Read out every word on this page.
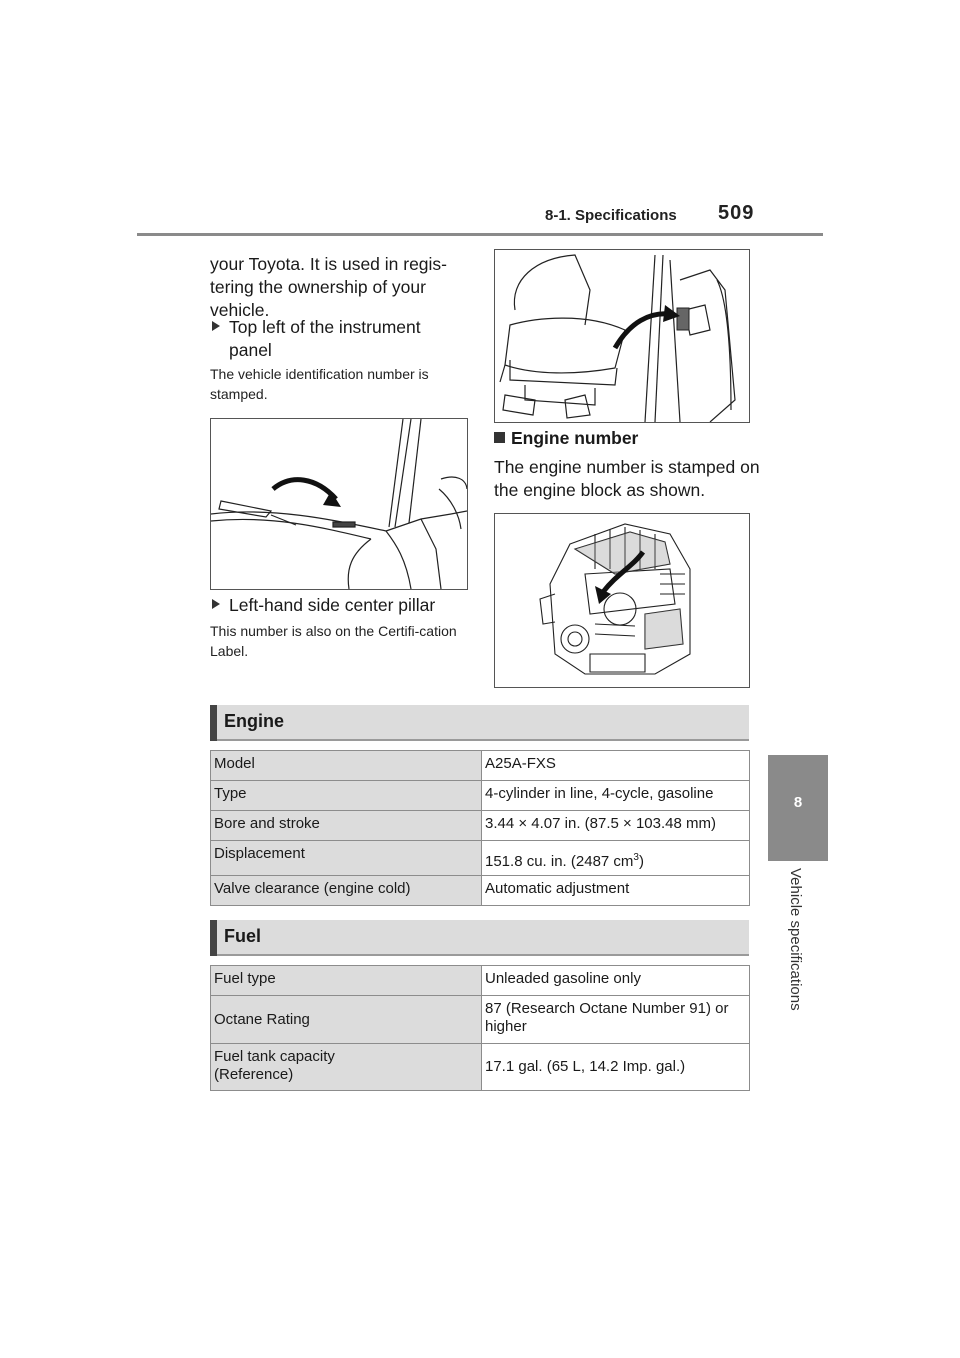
8-1. Specifications 509
8
Vehicle specifications
your Toyota. It is used in regis-tering the ownership of your vehicle.
Top left of the instrument
panel
The vehicle identification number is stamped.
Left-hand side center pillar
This number is also on the Certifi-cation Label.
Engine number
The engine number is stamped on the engine block as shown.
Engine
Model	A25A-FXS
Type	4-cylinder in line, 4-cycle, gasoline
Bore and stroke	3.44 × 4.07 in. (87.5 × 103.48 mm)
Displacement	151.8 cu. in. (2487 $cm^3$)
Valve clearance (engine cold)	Automatic adjustment
Fuel
Fuel type	Unleaded gasoline only
Octane Rating	87 (Research Octane Number 91) or
higher

Fuel tank capacity
(Reference)	17.1 gal. (65 L, 14.2 Imp. gal.)
